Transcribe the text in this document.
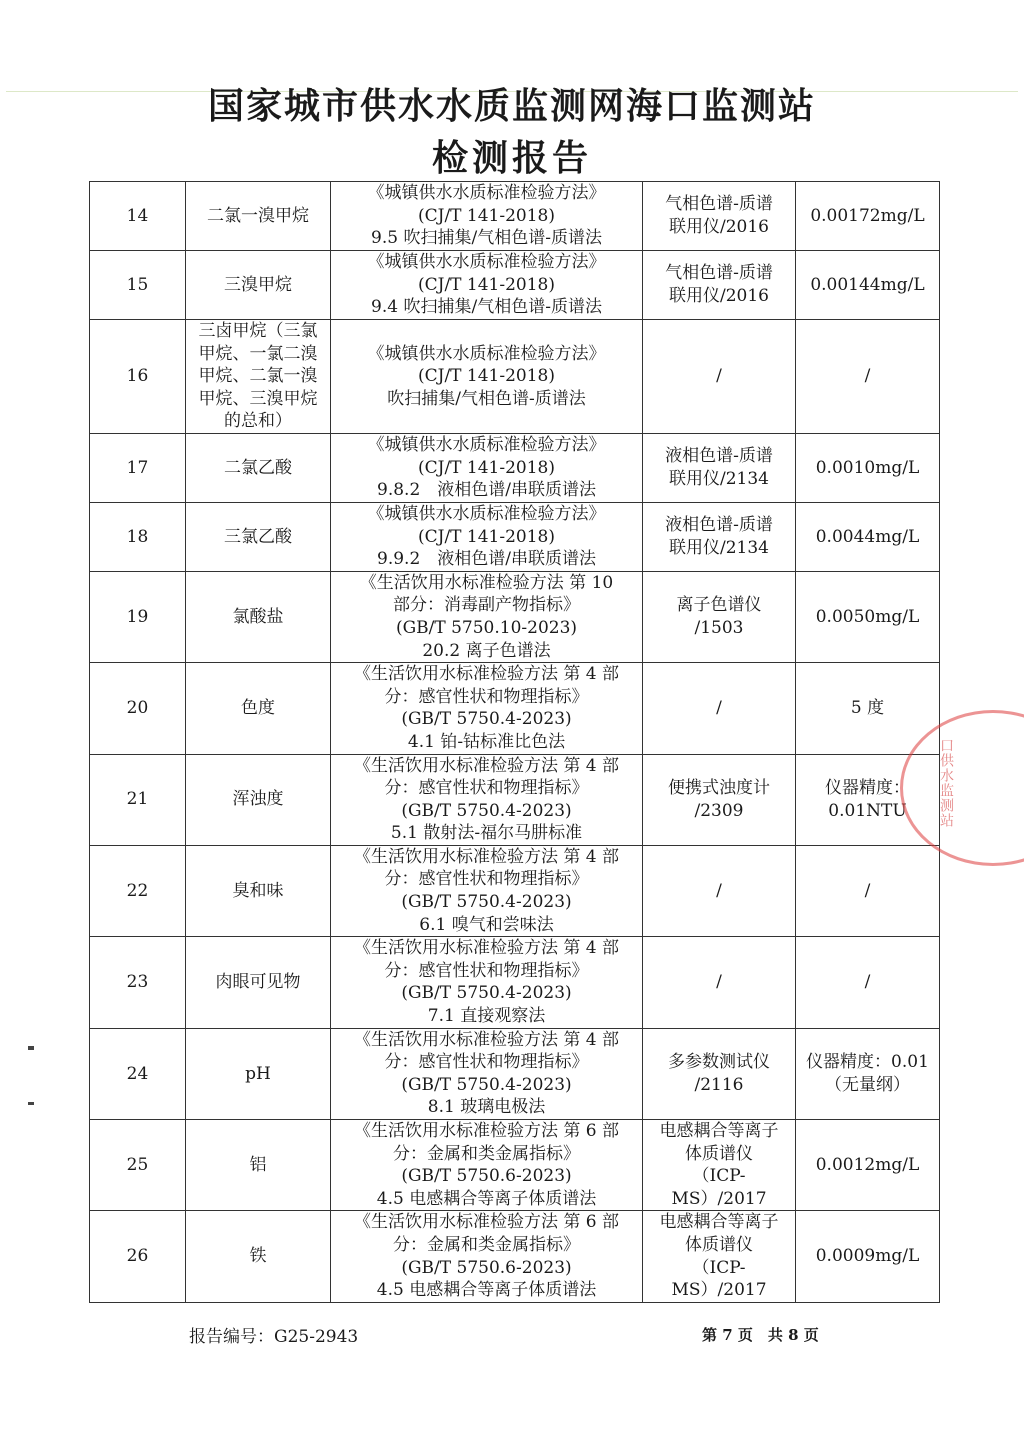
国家城市供水水质监测网海口监测站
检测报告
14	二氯一溴甲烷	《城镇供水水质标准检验方法》
(CJ/T 141-2018)
9.5 吹扫捕集/气相色谱-质谱法	气相色谱-质谱
联用仪/2016	0.00172mg/L

15	三溴甲烷	《城镇供水水质标准检验方法》
(CJ/T 141-2018)
9.4 吹扫捕集/气相色谱-质谱法	气相色谱-质谱
联用仪/2016	0.00144mg/L

16	三卤甲烷（三氯
甲烷、一氯二溴
甲烷、二氯一溴
甲烷、三溴甲烷
的总和）	《城镇供水水质标准检验方法》
(CJ/T 141-2018)
吹扫捕集/气相色谱-质谱法	/	/

17	二氯乙酸	《城镇供水水质标准检验方法》
(CJ/T 141-2018)
9.8.2　液相色谱/串联质谱法	液相色谱-质谱
联用仪/2134	0.0010mg/L

18	三氯乙酸	《城镇供水水质标准检验方法》
(CJ/T 141-2018)
9.9.2　液相色谱/串联质谱法	液相色谱-质谱
联用仪/2134	0.0044mg/L

19	氯酸盐	《生活饮用水标准检验方法 第 10
部分：消毒副产物指标》
(GB/T 5750.10-2023)
20.2 离子色谱法	离子色谱仪
/1503	0.0050mg/L

20	色度	《生活饮用水标准检验方法 第 4 部
分：感官性状和物理指标》
(GB/T 5750.4-2023)
4.1 铂-钴标准比色法	/	5 度

21	浑浊度	《生活饮用水标准检验方法 第 4 部
分：感官性状和物理指标》
(GB/T 5750.4-2023)
5.1 散射法-福尔马肼标准	便携式浊度计
/2309	仪器精度：
0.01NTU

22	臭和味	《生活饮用水标准检验方法 第 4 部
分：感官性状和物理指标》
(GB/T 5750.4-2023)
6.1 嗅气和尝味法	/	/

23	肉眼可见物	《生活饮用水标准检验方法 第 4 部
分：感官性状和物理指标》
(GB/T 5750.4-2023)
7.1 直接观察法	/	/

24	pH	《生活饮用水标准检验方法 第 4 部
分：感官性状和物理指标》
(GB/T 5750.4-2023)
8.1 玻璃电极法	多参数测试仪
/2116	仪器精度：0.01
（无量纲）

25	铝	《生活饮用水标准检验方法 第 6 部
分：金属和类金属指标》
(GB/T 5750.6-2023)
4.5 电感耦合等离子体质谱法	电感耦合等离子
体质谱仪
（ICP-MS）/2017	0.0012mg/L

26	铁	《生活饮用水标准检验方法 第 6 部
分：金属和类金属指标》
(GB/T 5750.6-2023)
4.5 电感耦合等离子体质谱法	电感耦合等离子
体质谱仪
（ICP-MS）/2017	0.0009mg/L
口供水监测站
报告编号：G25-2943	第 7 页　共 8 页
